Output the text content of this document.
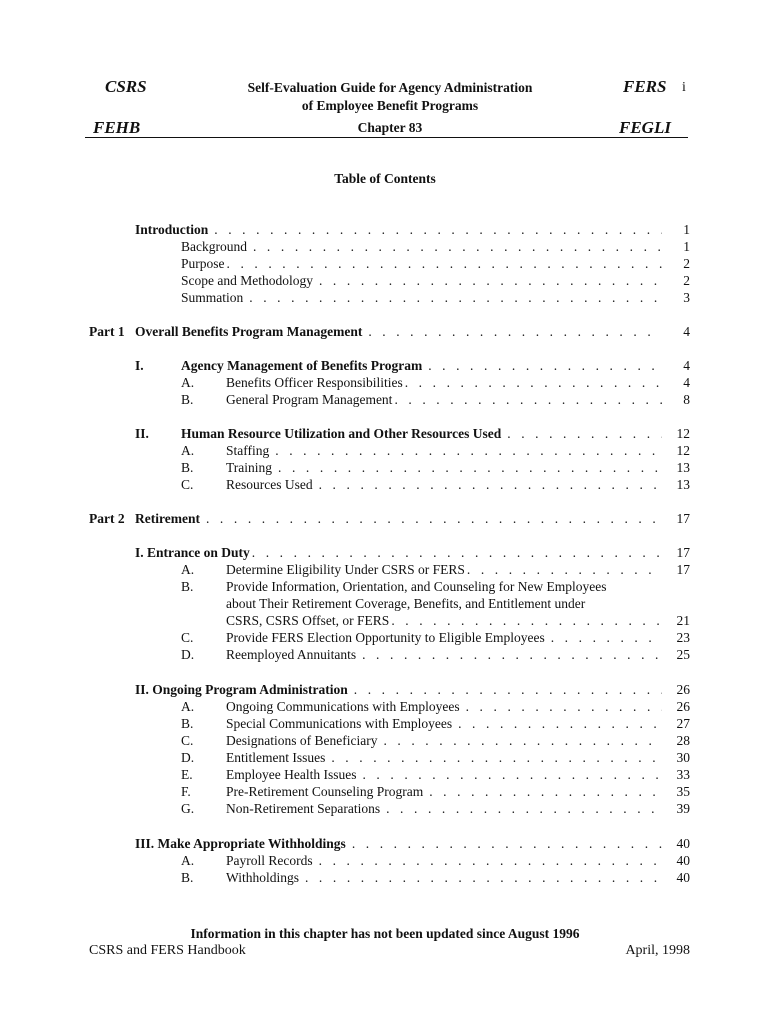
CSRS
FEHB
Self-Evaluation Guide for Agency Administration
of Employee Benefit Programs
Chapter 83
FERS i
FEGLI
Table of Contents
Introduction . . .	1
Background . . .	1
Purpose . . .	2
Scope and Methodology . . .	2
Summation . . .	3
Part 1 Overall Benefits Program Management . . .	4
I.	Agency Management of Benefits Program . . .	4
A.	Benefits Officer Responsibilities . . .	4
B.	General Program Management . . .	8
II.	Human Resource Utilization and Other Resources Used . . .	12
A.	Staffing . . .	12
B.	Training . . .	13
C.	Resources Used . . .	13
Part 2 Retirement . . .	17
I. Entrance on Duty . . .	17
A.	Determine Eligibility Under CSRS or FERS . . .	17
B. Provide Information, Orientation, and Counseling for New Employees
about Their Retirement Coverage, Benefits, and Entitlement under
CSRS, CSRS Offset, or FERS . . .	21
C.	Provide FERS Election Opportunity to Eligible Employees . . .	23
D.	Reemployed Annuitants . . .	25
II. Ongoing Program Administration . . .	26
A.	Ongoing Communications with Employees . . .	26
B.	Special Communications with Employees . . .	27
C.	Designations of Beneficiary . . .	28
D.	Entitlement Issues . . .	30
E.	Employee Health Issues . . .	33
F.	Pre-Retirement Counseling Program . . .	35
G.	Non-Retirement Separations . . .	39
III. Make Appropriate Withholdings . . .	40
A.	Payroll Records . . .	40
B.	Withholdings . . .	40
Information in this chapter has not been updated since August 1996
CSRS and FERS Handbook	April, 1998
